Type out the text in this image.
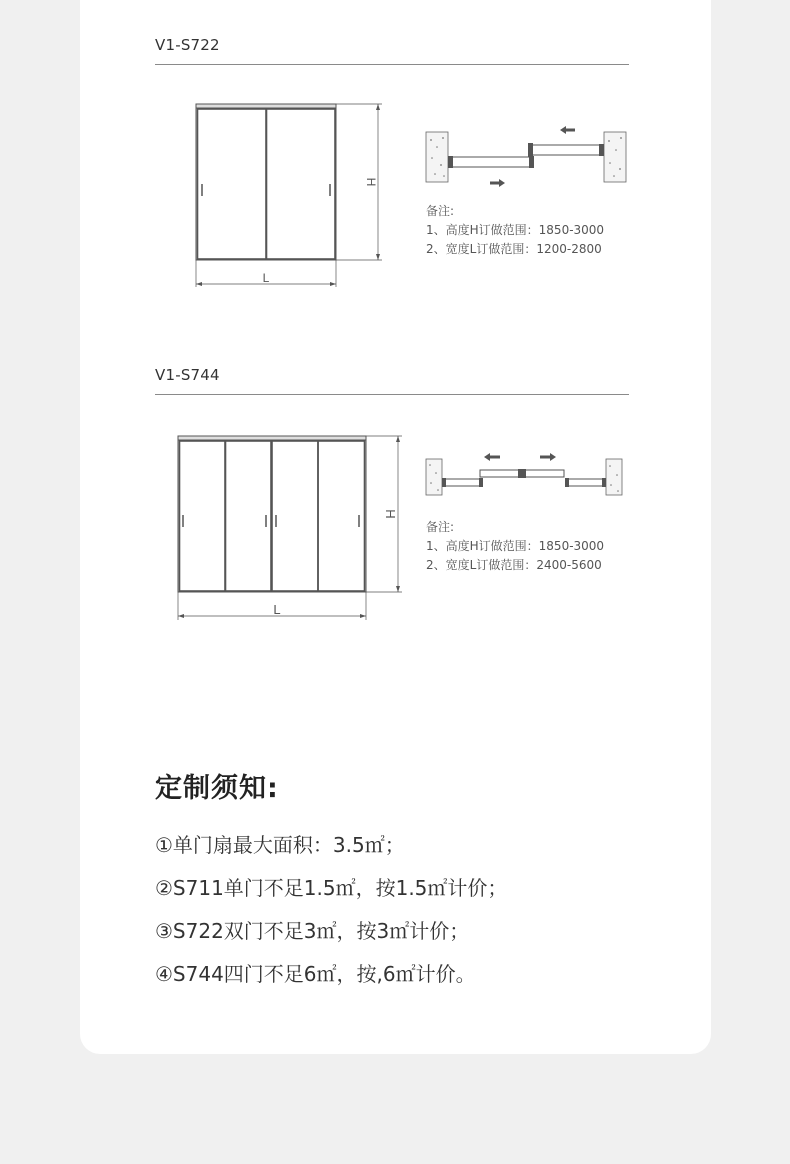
V1-S722
L
H
备注:
1、高度H订做范围：1850-3000
2、宽度L订做范围：1200-2800
V1-S744
L
H
备注:
1、高度H订做范围：1850-3000
2、宽度L订做范围：2400-5600
定制须知:
①单门扇最大面积：3.5㎡；
②S711单门不足1.5㎡，按1.5㎡计价；
③S722双门不足3㎡，按3㎡计价；
④S744四门不足6㎡，按,6㎡计价。
